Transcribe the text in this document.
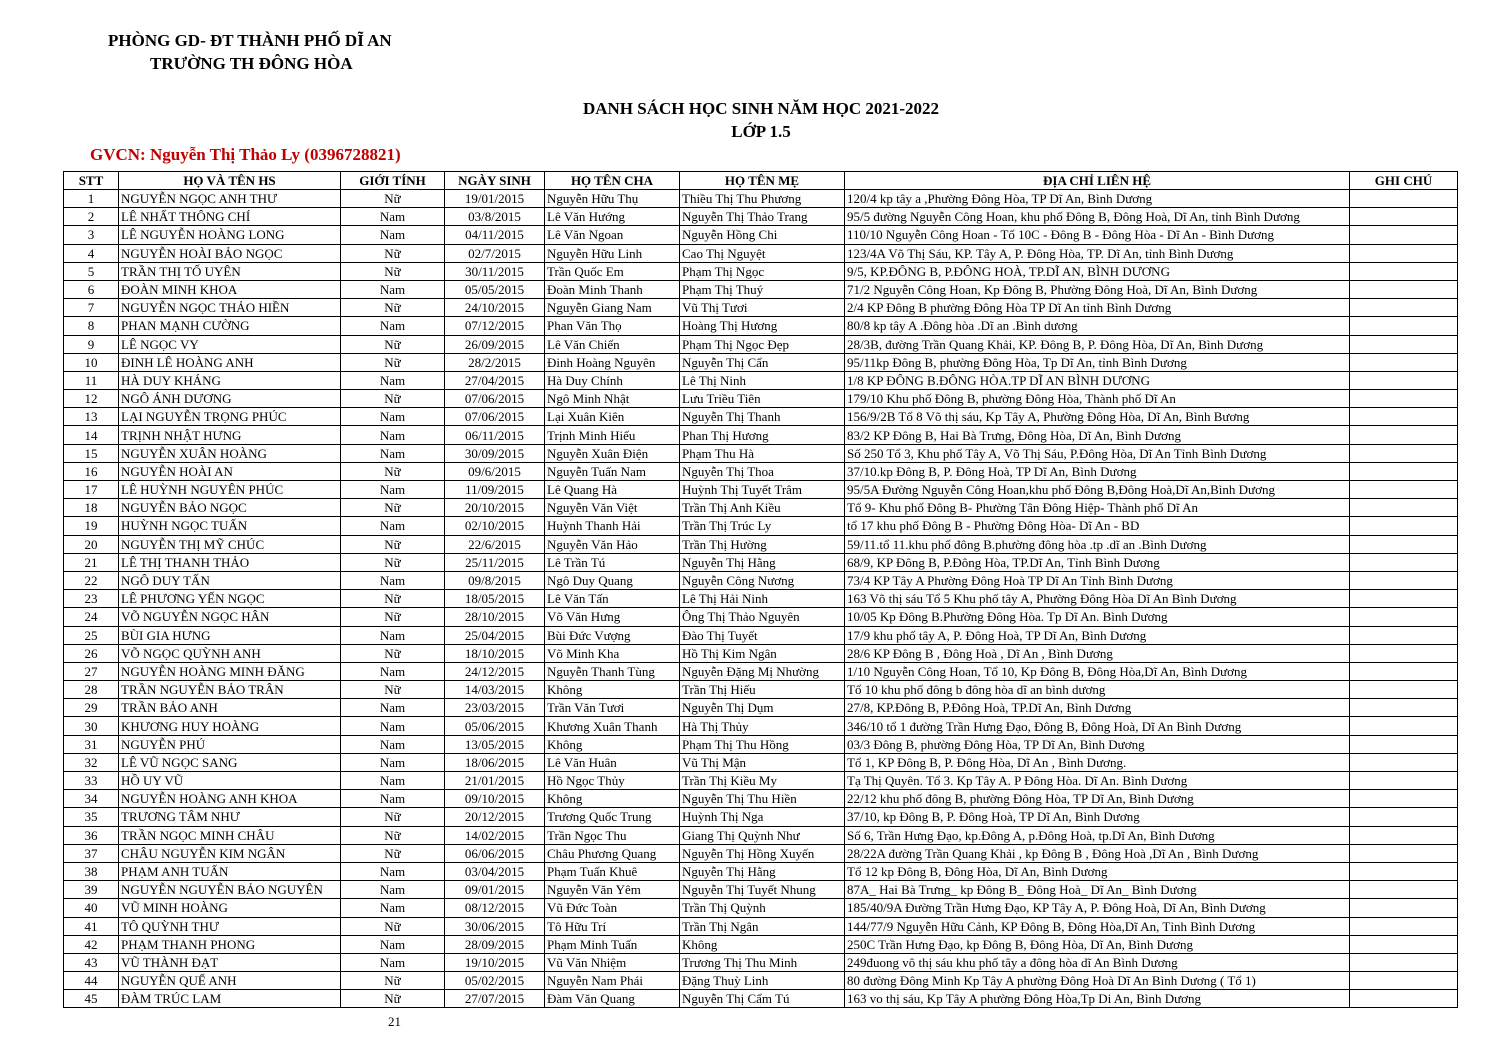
PHÒNG GD- ĐT THÀNH PHỐ DĨ AN
TRƯỜNG TH ĐÔNG HÒA
DANH SÁCH HỌC SINH NĂM HỌC 2021-2022
LỚP 1.5
GVCN: Nguyễn Thị Thảo Ly (0396728821)
STT	HỌ VÀ TÊN HS	GIỚI TÍNH	NGÀY SINH	HỌ TÊN CHA	HỌ TÊN MẸ	ĐỊA CHỈ LIÊN HỆ	GHI CHÚ
1	NGUYỄN NGỌC ANH THƯ	Nữ	19/01/2015	Nguyễn Hữu Thụ	Thiều Thị Thu Phương	120/4 kp tây a ,Phường Đông Hòa, TP Dĩ An, Bình Dương	
2	LÊ NHẤT THÔNG CHÍ	Nam	03/8/2015	Lê Văn Hướng	Nguyễn Thị Thảo Trang	95/5 đường Nguyễn Công Hoan, khu phố Đông B, Đông Hoà, Dĩ An, tỉnh Bình Dương	
3	LÊ NGUYỄN HOÀNG LONG	Nam	04/11/2015	Lê Văn Ngoan	Nguyễn Hồng Chi	110/10 Nguyễn Công Hoan - Tổ 10C - Đông B - Đông Hòa - Dĩ An - Bình Dương	
4	NGUYỄN HOÀI BẢO NGỌC	Nữ	02/7/2015	Nguyễn Hữu Linh	Cao Thị Nguyệt	123/4A Võ Thị Sáu, KP. Tây A, P. Đông Hòa, TP. Dĩ An, tỉnh Bình Dương	
5	TRẦN THỊ TỐ UYÊN	Nữ	30/11/2015	Trần Quốc Em	Phạm Thị Ngọc	9/5, KP.ĐÔNG B, P.ĐÔNG HOÀ, TP.DĨ AN, BÌNH DƯƠNG	
6	ĐOÀN MINH KHOA	Nam	05/05/2015	Đoàn Minh Thanh	Phạm Thị Thuý	71/2 Nguyễn Công Hoan, Kp Đông B, Phường Đông Hoà, Dĩ An, Bình Dương	
7	NGUYỄN NGỌC THẢO HIỀN	Nữ	24/10/2015	Nguyễn Giang Nam	Vũ Thị Tươi	2/4 KP Đông B phường Đông Hòa TP Dĩ An tỉnh Bình Dương	
8	PHAN MẠNH CƯỜNG	Nam	07/12/2015	Phan Văn Thọ	Hoàng Thị Hương	80/8 kp tây A .Đông hòa .Dĩ an .Bình dương	
9	LÊ NGỌC VY	Nữ	26/09/2015	Lê Văn Chiến	Phạm Thị Ngọc Đẹp	28/3B, đường Trần Quang Khải, KP. Đông B, P. Đông Hòa, Dĩ An, Bình Dương	
10	ĐINH LÊ HOÀNG ANH	Nữ	28/2/2015	Đinh Hoàng Nguyên	Nguyễn Thị Cẩn	95/11kp Đông B, phường Đông Hòa, Tp Dĩ An, tỉnh Bình Dương	
11	HÀ DUY KHÁNG	Nam	27/04/2015	Hà Duy Chính	Lê Thị Ninh	1/8 KP ĐÔNG B.ĐÔNG HÒA.TP DĨ AN BÌNH DƯƠNG	
12	NGÔ ÁNH DƯƠNG	Nữ	07/06/2015	Ngô Minh Nhật	Lưu Triều Tiên	179/10 Khu phố Đông B, phường Đông Hòa, Thành phố Dĩ An	
13	LẠI NGUYỄN TRỌNG PHÚC	Nam	07/06/2015	Lại Xuân Kiên	Nguyễn Thị Thanh	156/9/2B Tổ 8 Võ thị sáu, Kp Tây A, Phường Đông Hòa, Dĩ An, Bình Bương	
14	TRỊNH NHẬT HƯNG	Nam	06/11/2015	Trịnh Minh Hiếu	Phan Thị Hương	83/2 KP Đông B, Hai Bà Trưng, Đông Hòa, Dĩ An, Bình Dương	
15	NGUYỄN XUÂN HOÀNG	Nam	30/09/2015	Nguyễn Xuân Điện	Phạm Thu Hà	Số 250 Tổ 3, Khu phố Tây A, Võ Thị Sáu, P.Đông Hòa, Dĩ An Tỉnh Bình Dương	
16	NGUYỄN HOÀI AN	Nữ	09/6/2015	Nguyễn Tuấn Nam	Nguyễn Thị Thoa	37/10.kp Đông B, P. Đông Hoà, TP Dĩ An, Bình Dương	
17	LÊ HUỲNH NGUYÊN PHÚC	Nam	11/09/2015	Lê Quang Hà	Huỳnh Thị Tuyết Trâm	95/5A Đường Nguyễn Công Hoan,khu phố Đông B,Đông Hoà,Dĩ An,Bình Dương	
18	NGUYỄN BẢO NGỌC	Nữ	20/10/2015	Nguyễn Văn Việt	Trần Thị Anh Kiều	Tổ 9- Khu phố Đông B- Phường Tân Đông Hiệp- Thành phố Dĩ An	
19	HUỲNH NGỌC TUẤN	Nam	02/10/2015	Huỳnh Thanh Hải	Trần Thị Trúc Ly	tổ 17 khu phố Đông B - Phường Đông Hòa- Dĩ An - BD	
20	NGUYỄN THỊ MỸ CHÚC	Nữ	22/6/2015	Nguyễn Văn Hảo	Trần Thị Hường	59/11.tổ 11.khu phố đông B.phường đông hòa .tp .dĩ an .Bình Dương	
21	LÊ THỊ THANH THẢO	Nữ	25/11/2015	Lê Trần Tú	Nguyễn Thị Hằng	68/9, KP Đông B, P.Đông Hòa, TP.Dĩ An, Tỉnh Bình Dương	
22	NGÔ DUY TẤN	Nam	09/8/2015	Ngô Duy Quang	Nguyễn Công Nương	73/4 KP Tây A Phường Đông Hoà TP Dĩ An Tỉnh Bình Dương	
23	LÊ PHƯƠNG YẾN NGỌC	Nữ	18/05/2015	Lê Văn Tấn	Lê Thị Hải Ninh	163 Võ thị sáu Tổ 5 Khu phố tây A, Phường Đông Hòa Dĩ An Bình Dương	
24	VÕ NGUYỄN NGỌC HÂN	Nữ	28/10/2015	Võ Văn Hưng	Ông Thị Thảo Nguyên	10/05 Kp Đông B.Phường Đông Hòa. Tp Dĩ An. Bình Dương	
25	BÙI GIA HƯNG	Nam	25/04/2015	Bùi Đức Vượng	Đào Thị Tuyết	17/9 khu phố tây A, P. Đông Hoà, TP Dĩ An, Bình Dương	
26	VÕ NGỌC QUỲNH ANH	Nữ	18/10/2015	Võ Minh Kha	Hồ Thị Kim Ngân	28/6 KP Đông B , Đông Hoà , Dĩ An , Bình Dương	
27	NGUYỄN HOÀNG MINH ĐĂNG	Nam	24/12/2015	Nguyễn Thanh Tùng	Nguyễn Đặng Mị Nhường	1/10 Nguyễn Công Hoan, Tổ 10, Kp Đông B, Đông Hòa,Dĩ An, Bình Dương	
28	TRẦN NGUYỄN BẢO TRÂN	Nữ	14/03/2015	Không	Trần Thị Hiếu	Tổ 10 khu phố đông b đông hòa dĩ an bình dương	
29	TRẦN BẢO ANH	Nam	23/03/2015	Trần Văn Tươi	Nguyễn Thị Dụm	27/8, KP.Đông B, P.Đông Hoà, TP.Dĩ An, Bình Dương	
30	KHƯƠNG HUY HOÀNG	Nam	05/06/2015	Khương Xuân Thanh	Hà Thị Thủy	346/10 tổ 1 đường Trần Hưng Đạo, Đông B, Đông Hoà, Dĩ An Bình Dương	
31	NGUYỄN PHÚ	Nam	13/05/2015	Không	Phạm Thị Thu Hồng	03/3 Đông B, phường Đông Hòa, TP Dĩ An, Bình Dương	
32	LÊ VŨ NGỌC SANG	Nam	18/06/2015	Lê Văn Huân	Vũ Thị Mận	Tổ 1, KP Đông B, P. Đông Hòa, Dĩ An , Bình Dương.	
33	HỒ UY VŨ	Nam	21/01/2015	Hồ Ngọc Thủy	Trần Thị Kiều My	Tạ Thị Quyên. Tổ 3. Kp Tây A. P Đông Hòa. Dĩ An. Bình Dương	
34	NGUYỄN HOÀNG ANH KHOA	Nam	09/10/2015	Không	Nguyễn Thị Thu Hiền	22/12 khu phố đông B, phường Đông Hòa, TP Dĩ An, Bình Dương	
35	TRƯƠNG TÂM NHƯ	Nữ	20/12/2015	Trương Quốc Trung	Huỳnh Thị Nga	37/10, kp Đông B, P. Đông Hoà, TP Dĩ An, Bình Dương	
36	TRẦN NGỌC MINH CHÂU	Nữ	14/02/2015	Trần Ngọc Thu	Giang Thị Quỳnh Như	Số 6, Trần Hưng Đạo, kp.Đông A, p.Đông Hoà, tp.Dĩ An, Bình Dương	
37	CHÂU NGUYỄN KIM NGÂN	Nữ	06/06/2015	Châu Phương Quang	Nguyễn Thị Hồng Xuyến	28/22A đường Trần Quang Khải , kp Đông B , Đông Hoà ,Dĩ An , Bình Dương	
38	PHẠM ANH TUẤN	Nam	03/04/2015	Phạm Tuấn Khuê	Nguyễn Thị Hằng	Tổ 12 kp Đông B, Đông Hòa, Dĩ An, Bình Dương	
39	NGUYỄN NGUYỄN BẢO NGUYÊN	Nam	09/01/2015	Nguyễn Văn Yêm	Nguyễn Thị Tuyết Nhung	87A_ Hai Bà Trưng_ kp Đông B_ Đông Hoà_ Dĩ An_ Bình Dương	
40	VŨ MINH HOÀNG	Nam	08/12/2015	Vũ Đức Toàn	Trần Thị Quỳnh	185/40/9A Đường Trần Hưng Đạo, KP Tây A, P. Đông Hoà, Dĩ An, Bình Dương	
41	TÔ QUỲNH THƯ	Nữ	30/06/2015	Tô Hữu Trí	Trần Thị Ngân	144/77/9 Nguyễn Hữu Cảnh, KP Đông B, Đông Hòa,Dĩ An, Tỉnh Bình Dương	
42	PHẠM THANH PHONG	Nam	28/09/2015	Phạm Minh Tuấn	Không	250C Trần Hưng Đạo, kp Đông B, Đông Hòa, Dĩ An, Bình Dương	
43	VŨ THÀNH ĐẠT	Nam	19/10/2015	Vũ Văn Nhiệm	Trương Thị Thu Minh	249đuong vô thị sáu khu phố tây a đông hòa dĩ An Bình Dương	
44	NGUYỄN QUẾ ANH	Nữ	05/02/2015	Nguyễn Nam Phái	Đặng Thuỳ Linh	80 đường Đông Minh Kp Tây A phường Đông Hoà Dĩ An Bình Dương ( Tổ 1)	
45	ĐÀM TRÚC LAM	Nữ	27/07/2015	Đàm Văn Quang	Nguyễn Thị Cẩm Tú	163 vo thị sáu, Kp Tây A phường Đông Hòa,Tp Di An, Bình Dương	
21
